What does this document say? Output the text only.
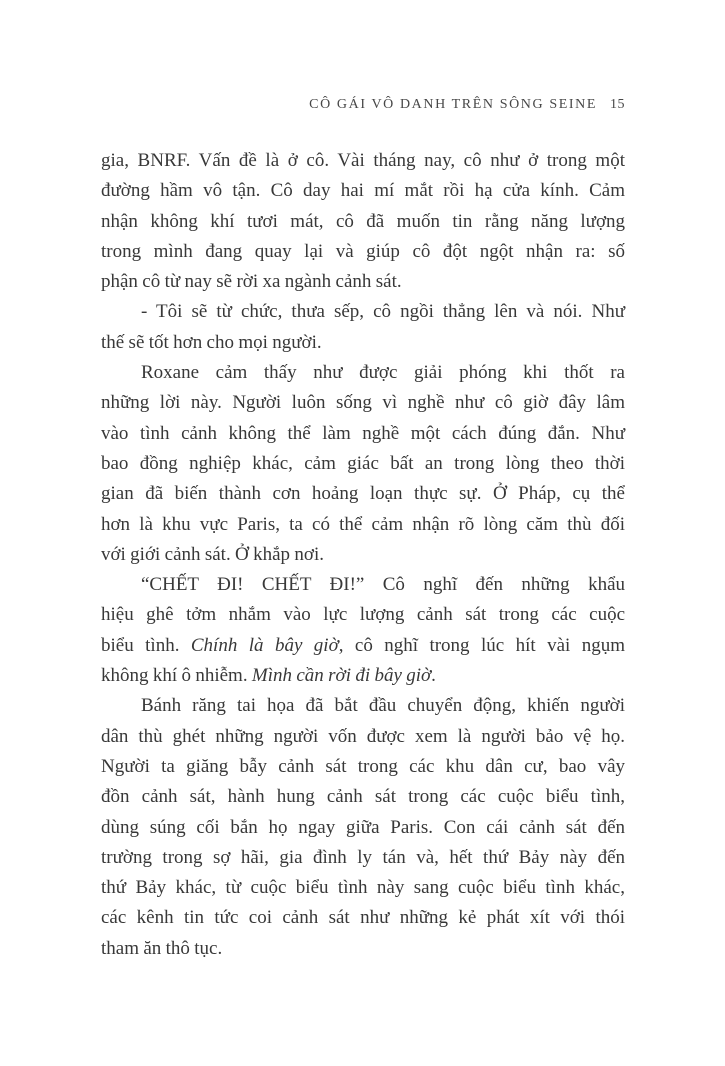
CÔ GÁI VÔ DANH TRÊN SÔNG SEINE 15
gia, BNRF. Vấn đề là ở cô. Vài tháng nay, cô như ở trong một
đường hầm vô tận. Cô day hai mí mắt rồi hạ cửa kính. Cảm
nhận không khí tươi mát, cô đã muốn tin rằng năng lượng
trong mình đang quay lại và giúp cô đột ngột nhận ra: số
phận cô từ nay sẽ rời xa ngành cảnh sát.
- Tôi sẽ từ chức, thưa sếp, cô ngồi thẳng lên và nói. Như
thế sẽ tốt hơn cho mọi người.
Roxane cảm thấy như được giải phóng khi thốt ra
những lời này. Người luôn sống vì nghề như cô giờ đây lâm
vào tình cảnh không thể làm nghề một cách đúng đắn. Như
bao đồng nghiệp khác, cảm giác bất an trong lòng theo thời
gian đã biến thành cơn hoảng loạn thực sự. Ở Pháp, cụ thể
hơn là khu vực Paris, ta có thể cảm nhận rõ lòng căm thù đối
với giới cảnh sát. Ở khắp nơi.
“CHẾT ĐI! CHẾT ĐI!” Cô nghĩ đến những khẩu
hiệu ghê tởm nhắm vào lực lượng cảnh sát trong các cuộc
biểu tình. Chính là bây giờ, cô nghĩ trong lúc hít vài ngụm
không khí ô nhiễm. Mình cần rời đi bây giờ.
Bánh răng tai họa đã bắt đầu chuyển động, khiến người
dân thù ghét những người vốn được xem là người bảo vệ họ.
Người ta giăng bẫy cảnh sát trong các khu dân cư, bao vây
đồn cảnh sát, hành hung cảnh sát trong các cuộc biểu tình,
dùng súng cối bắn họ ngay giữa Paris. Con cái cảnh sát đến
trường trong sợ hãi, gia đình ly tán và, hết thứ Bảy này đến
thứ Bảy khác, từ cuộc biểu tình này sang cuộc biểu tình khác,
các kênh tin tức coi cảnh sát như những kẻ phát xít với thói
tham ăn thô tục.
